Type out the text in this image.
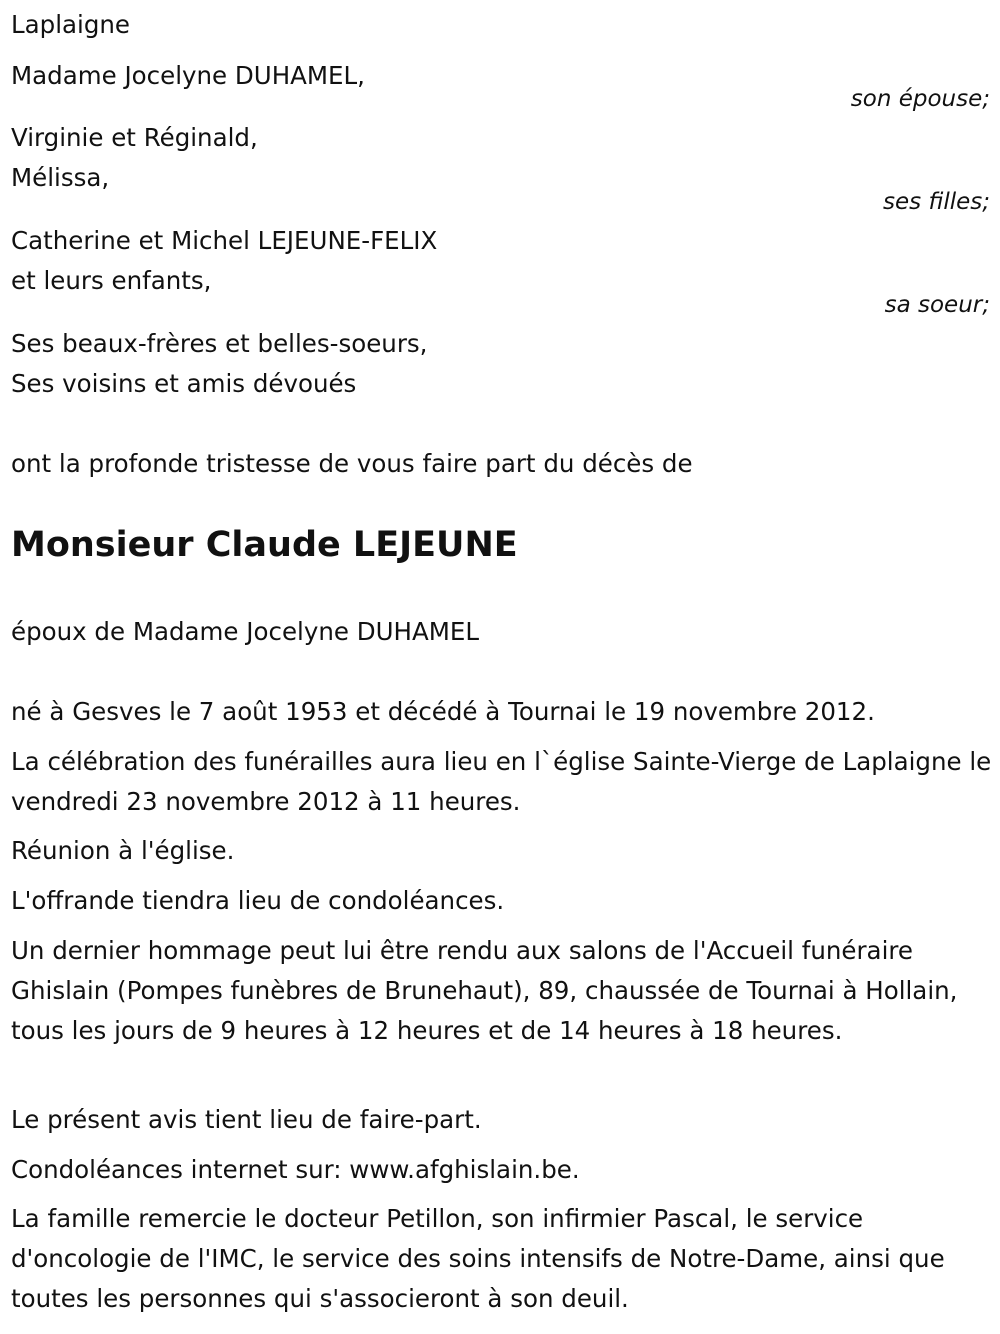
Laplaigne
Madame Jocelyne DUHAMEL,
son épouse;
Virginie et Réginald,
Mélissa,
ses filles;
Catherine et Michel LEJEUNE-FELIX
et leurs enfants,
sa soeur;
Ses beaux-frères et belles-soeurs,
Ses voisins et amis dévoués
ont la profonde tristesse de vous faire part du décès de
Monsieur Claude LEJEUNE
époux de Madame Jocelyne DUHAMEL
né à Gesves le 7 août 1953 et décédé à Tournai le 19 novembre 2012.
La célébration des funérailles aura lieu en l`église Sainte-Vierge de Laplaigne le vendredi 23 novembre 2012 à 11 heures.
Réunion à l'église.
L'offrande tiendra lieu de condoléances.
Un dernier hommage peut lui être rendu aux salons de l'Accueil funéraire Ghislain (Pompes funèbres de Brunehaut), 89, chaussée de Tournai à Hollain, tous les jours de 9 heures à 12 heures et de 14 heures à 18 heures.
Le présent avis tient lieu de faire-part.
Condoléances internet sur: www.afghislain.be.
La famille remercie le docteur Petillon, son infirmier Pascal, le service d'oncologie de l'IMC, le service des soins intensifs de Notre-Dame, ainsi que toutes les personnes qui s'associeront à son deuil.
